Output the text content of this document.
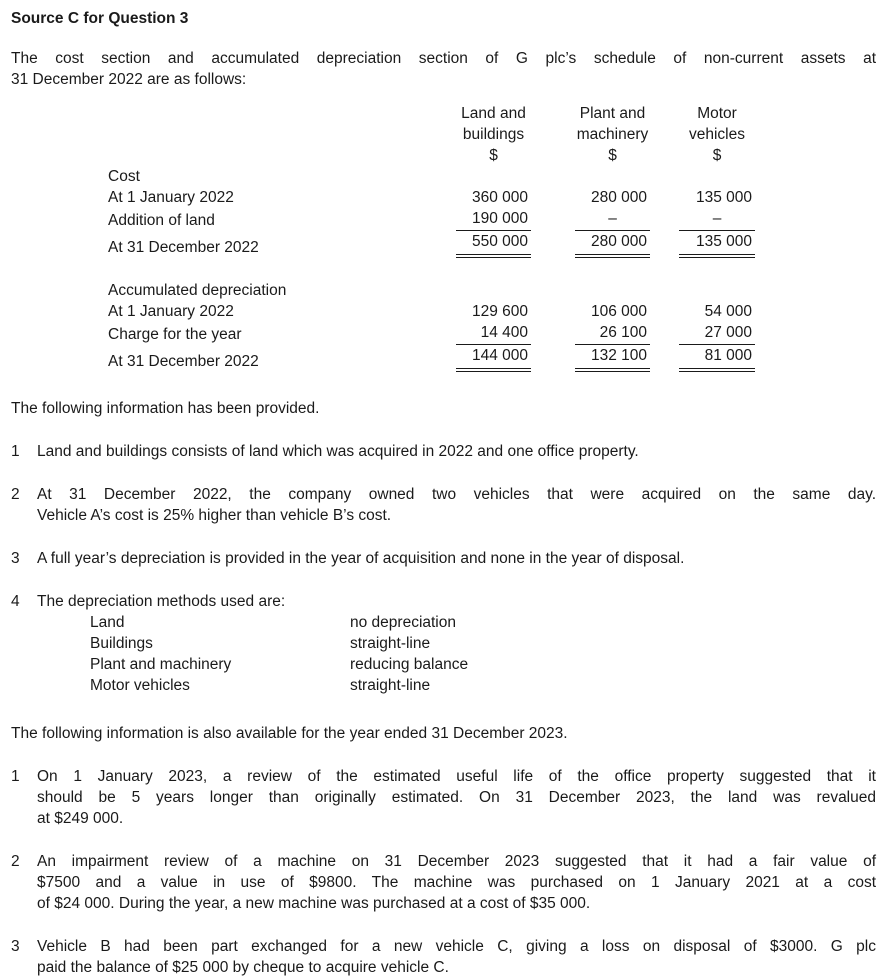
Source C for Question 3
The cost section and accumulated depreciation section of G plc’s schedule of non-current assets at
31 December 2022 are as follows:
	Land and		Plant and		Motor
	buildings		machinery		vehicles
	$		$		$
Cost					
At 1 January 2022	360 000		280 000		135 000
Addition of land	190 000		–		–
At 31 December 2022	550 000		280 000		135 000

Accumulated depreciation					
At 1 January 2022	129 600		106 000		54 000
Charge for the year	14 400		26 100		27 000
At 31 December 2022	144 000		132 100		81 000
The following information has been provided.
1 Land and buildings consists of land which was acquired in 2022 and one office property.
2 At 31 December 2022, the company owned two vehicles that were acquired on the same day.
Vehicle A’s cost is 25% higher than vehicle B’s cost.
3 A full year’s depreciation is provided in the year of acquisition and none in the year of disposal.
4 The depreciation methods used are:
Land	no depreciation
Buildings	straight-line
Plant and machinery	reducing balance
Motor vehicles	straight-line
The following information is also available for the year ended 31 December 2023.
1 On 1 January 2023, a review of the estimated useful life of the office property suggested that it
should be 5 years longer than originally estimated. On 31 December 2023, the land was revalued
at $249 000.
2 An impairment review of a machine on 31 December 2023 suggested that it had a fair value of
$7500 and a value in use of $9800. The machine was purchased on 1 January 2021 at a cost
of $24 000. During the year, a new machine was purchased at a cost of $35 000.
3 Vehicle B had been part exchanged for a new vehicle C, giving a loss on disposal of $3000. G plc
paid the balance of $25 000 by cheque to acquire vehicle C.
